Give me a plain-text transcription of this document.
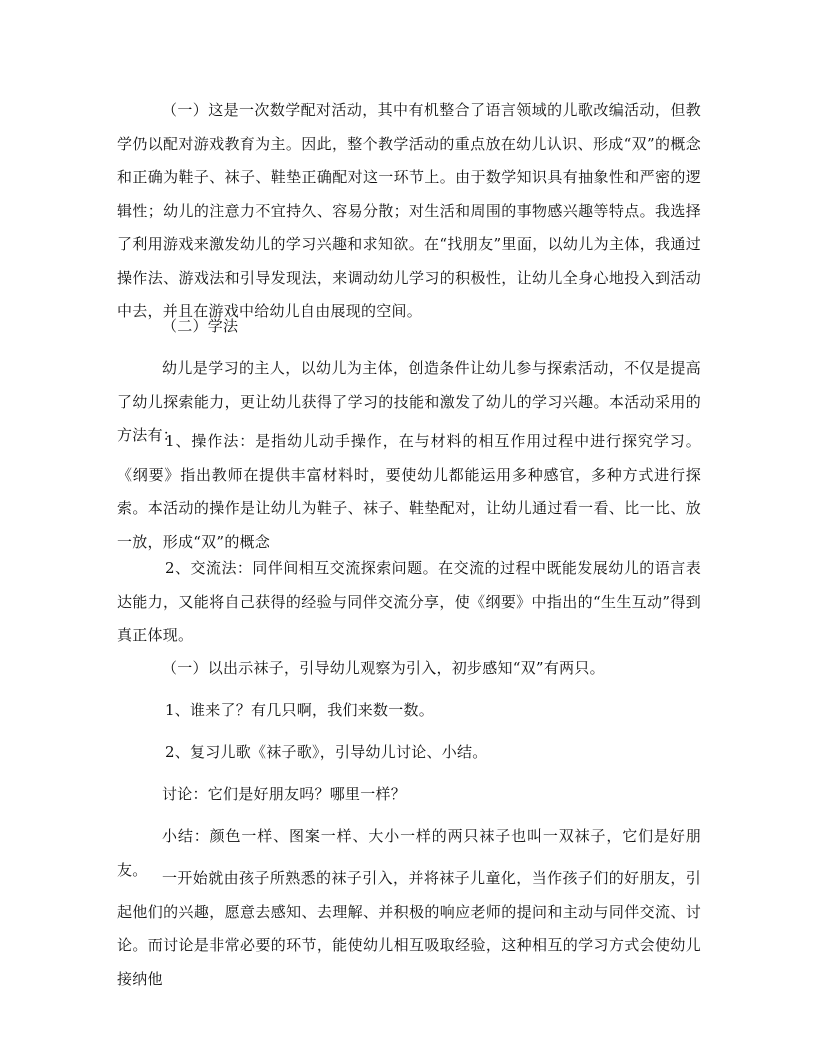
（一）这是一次数学配对活动，其中有机整合了语言领域的儿歌改编活动，但教学仍以配对游戏教育为主。因此，整个教学活动的重点放在幼儿认识、形成“双”的概念和正确为鞋子、袜子、鞋垫正确配对这一环节上。由于数学知识具有抽象性和严密的逻辑性；幼儿的注意力不宜持久、容易分散；对生活和周围的事物感兴趣等特点。我选择了利用游戏来激发幼儿的学习兴趣和求知欲。在“找朋友”里面，以幼儿为主体，我通过操作法、游戏法和引导发现法，来调动幼儿学习的积极性，让幼儿全身心地投入到活动中去，并且在游戏中给幼儿自由展现的空间。

（二）学法

幼儿是学习的主人，以幼儿为主体，创造条件让幼儿参与探索活动，不仅是提高了幼儿探索能力，更让幼儿获得了学习的技能和激发了幼儿的学习兴趣。本活动采用的方法有：

1、操作法：是指幼儿动手操作，在与材料的相互作用过程中进行探究学习。《纲要》指出教师在提供丰富材料时，要使幼儿都能运用多种感官，多种方式进行探索。本活动的操作是让幼儿为鞋子、袜子、鞋垫配对，让幼儿通过看一看、比一比、放一放，形成“双”的概念

2、交流法：同伴间相互交流探索问题。在交流的过程中既能发展幼儿的语言表达能力，又能将自己获得的经验与同伴交流分享，使《纲要》中指出的“生生互动”得到真正体现。

（一）以出示袜子，引导幼儿观察为引入，初步感知“双”有两只。

1、谁来了？有几只啊，我们来数一数。

2、复习儿歌《袜子歌》，引导幼儿讨论、小结。

讨论：它们是好朋友吗？哪里一样？

小结：颜色一样、图案一样、大小一样的两只袜子也叫一双袜子，它们是好朋友。 一开始就由孩子所熟悉的袜子引入，并将袜子儿童化，当作孩子们的好朋友，引起他们的兴趣，愿意去感知、去理解、并积极的响应老师的提问和主动与同伴交流、讨论。而讨论是非常必要的环节，能使幼儿相互吸取经验，这种相互的学习方式会使幼儿接纳他
